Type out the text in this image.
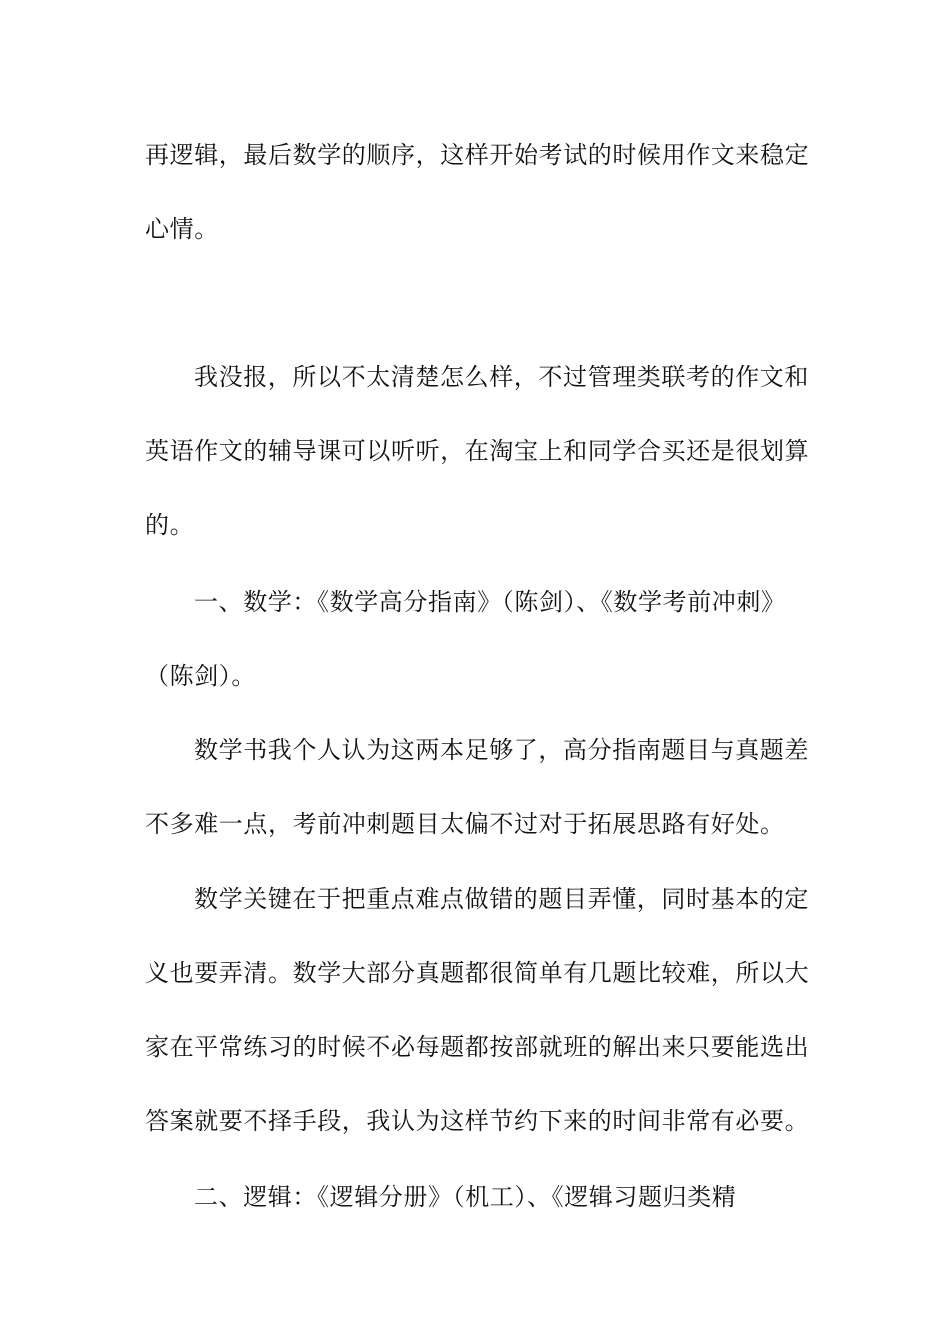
再逻辑，最后数学的顺序，这样开始考试的时候用作文来稳定心情。

我没报，所以不太清楚怎么样，不过管理类联考的作文和英语作文的辅导课可以听听，在淘宝上和同学合买还是很划算的。

一、数学：《数学高分指南》（陈剑）、《数学考前冲刺》（陈剑）。

数学书我个人认为这两本足够了，高分指南题目与真题差不多难一点，考前冲刺题目太偏不过对于拓展思路有好处。

数学关键在于把重点难点做错的题目弄懂，同时基本的定义也要弄清。数学大部分真题都很简单有几题比较难，所以大家在平常练习的时候不必每题都按部就班的解出来只要能选出答案就要不择手段，我认为这样节约下来的时间非常有必要。

二、逻辑：《逻辑分册》（机工）、《逻辑习题归类精
